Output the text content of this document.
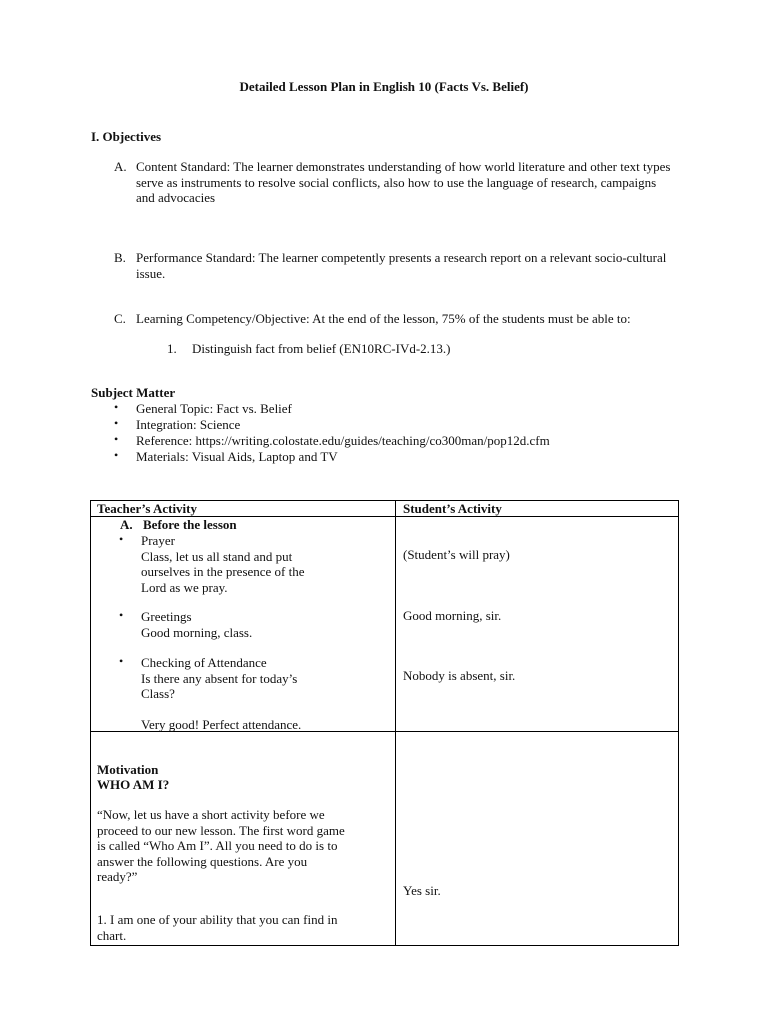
Detailed Lesson Plan in English 10 (Facts Vs. Belief)
I. Objectives
A. Content Standard: The learner demonstrates understanding of how world literature and other text types serve as instruments to resolve social conflicts, also how to use the language of research, campaigns and advocacies
B. Performance Standard: The learner competently presents a research report on a relevant socio-cultural issue.
C. Learning Competency/Objective: At the end of the lesson, 75% of the students must be able to:
1. Distinguish fact from belief (EN10RC-IVd-2.13.)
Subject Matter
• General Topic: Fact vs. Belief
• Integration: Science
• Reference: https://writing.colostate.edu/guides/teaching/co300man/pop12d.cfm
• Materials: Visual Aids, Laptop and TV
Teacher’s Activity	Student’s Activity
A. Before the lesson
• Prayer
Class, let us all stand and put
ourselves in the presence of the
Lord as we pray.
• Greetings
Good morning, class.
• Checking of Attendance
Is there any absent for today’s
Class?
Very good! Perfect attendance.
(Student’s will pray)
Good morning, sir.
Nobody is absent, sir.
Motivation
WHO AM I?
“Now, let us have a short activity before we
proceed to our new lesson. The first word game
is called “Who Am I”. All you need to do is to
answer the following questions. Are you
ready?”
1. I am one of your ability that you can find in
chart.
Yes sir.
